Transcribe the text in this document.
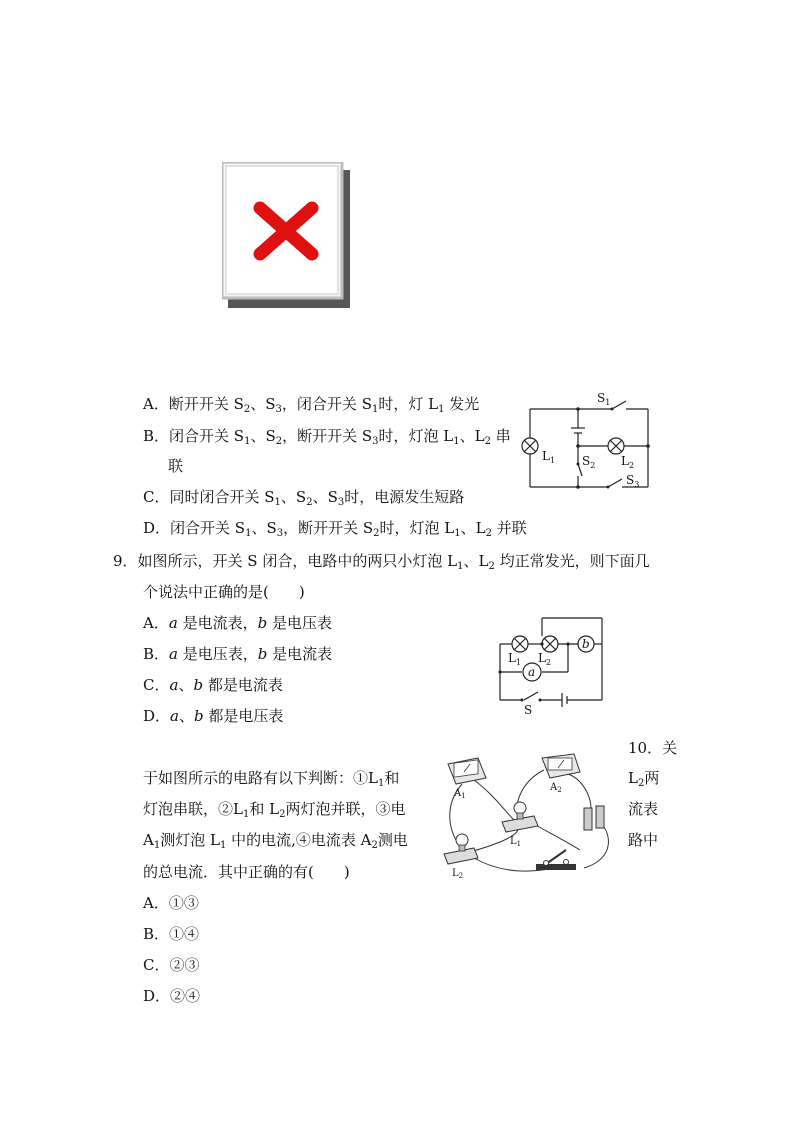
A．断开开关 $S_2$、$S_3$，闭合开关 $S_1$时，灯 $L_1$ 发光
B．闭合开关 $S_1$、$S_2$，断开开关 $S_3$时，灯泡 $L_1$、$L_2$ 串
联
C．同时闭合开关 $S_1$、$S_2$、$S_3$时，电源发生短路
D．闭合开关 $S_1$、$S_3$，断开开关 $S_2$时，灯泡 $L_1$、$L_2$ 并联
$S_1$
$L_1$ $S_2$ $L_2$
$S_3$
9．如图所示，开关 S 闭合，电路中的两只小灯泡 $L_1$、$L_2$ 均正常发光，则下面几
个说法中正确的是(　　)
A．a 是电流表，b 是电压表
B．a 是电压表，b 是电流表
C．a、b 都是电流表
D．a、b 都是电压表
a
b
$L_1$ $L_2$
S
10．关
于如图所示的电路有以下判断：$①L_1$和	$L_2$两
灯泡串联，$②L_1$和 $L_2$两灯泡并联，③电	流表
$A_1$测灯泡 $L_1$ 中的电流,④电流表 $A_2$测电	路中
的总电流．其中正确的有(　　)
A．①③
B．①④
C．②③
D．②④
$A_1$
$A_2$
$L_1$
$L_2$
